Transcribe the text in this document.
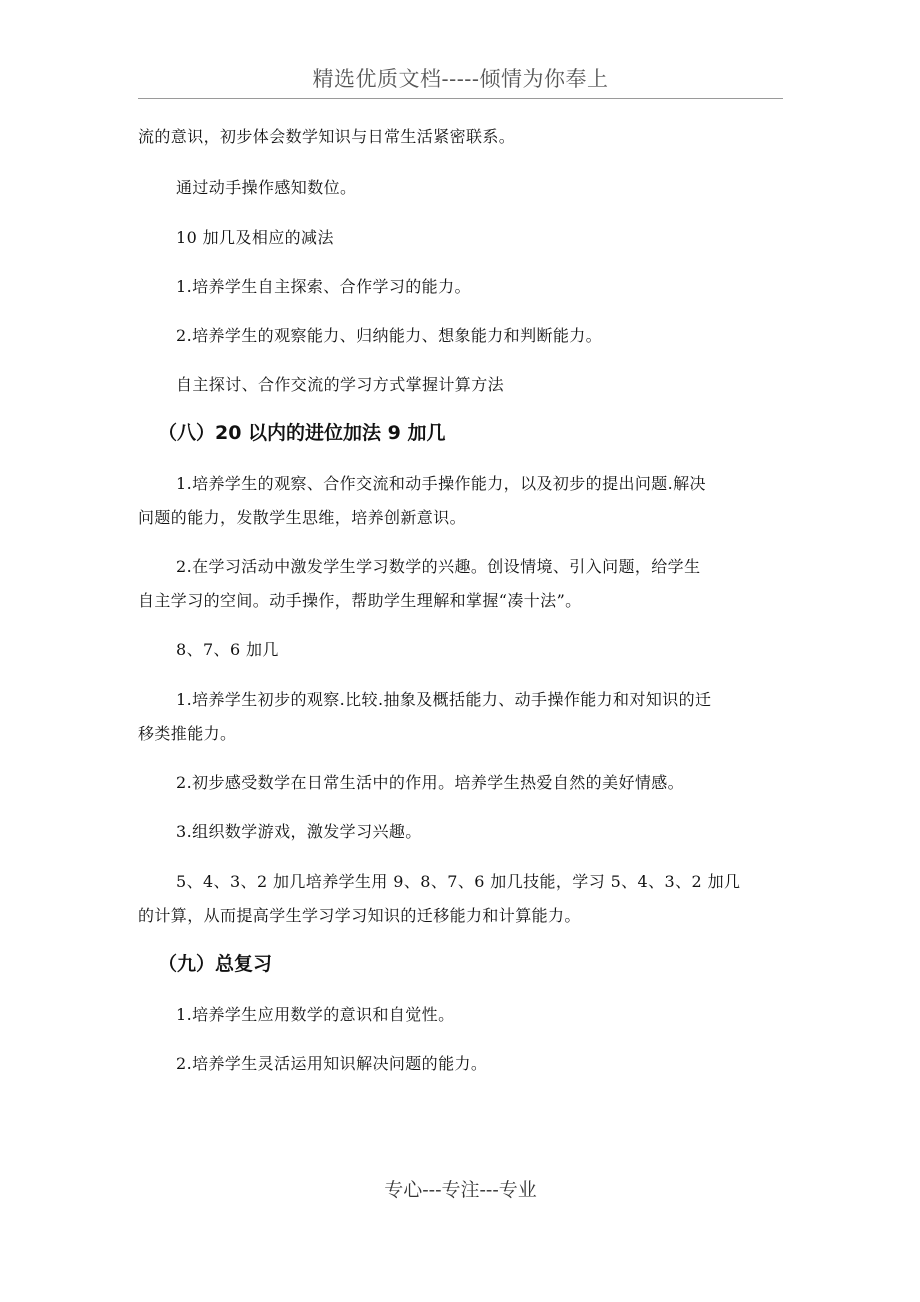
精选优质文档-----倾情为你奉上
流的意识，初步体会数学知识与日常生活紧密联系。
通过动手操作感知数位。
10 加几及相应的减法
1.培养学生自主探索、合作学习的能力。
2.培养学生的观察能力、归纳能力、想象能力和判断能力。
自主探讨、合作交流的学习方式掌握计算方法
（八）20 以内的进位加法 9 加几
1.培养学生的观察、合作交流和动手操作能力，以及初步的提出问题.解决
问题的能力，发散学生思维，培养创新意识。
2.在学习活动中激发学生学习数学的兴趣。创设情境、引入问题，给学生
自主学习的空间。动手操作，帮助学生理解和掌握“凑十法”。
8、7、6 加几
1.培养学生初步的观察.比较.抽象及概括能力、动手操作能力和对知识的迁
移类推能力。
2.初步感受数学在日常生活中的作用。培养学生热爱自然的美好情感。
3.组织数学游戏，激发学习兴趣。
5、4、3、2 加几培养学生用 9、8、7、6 加几技能，学习 5、4、3、2 加几
的计算，从而提高学生学习学习知识的迁移能力和计算能力。
（九）总复习
1.培养学生应用数学的意识和自觉性。
2.培养学生灵活运用知识解决问题的能力。
专心---专注---专业
